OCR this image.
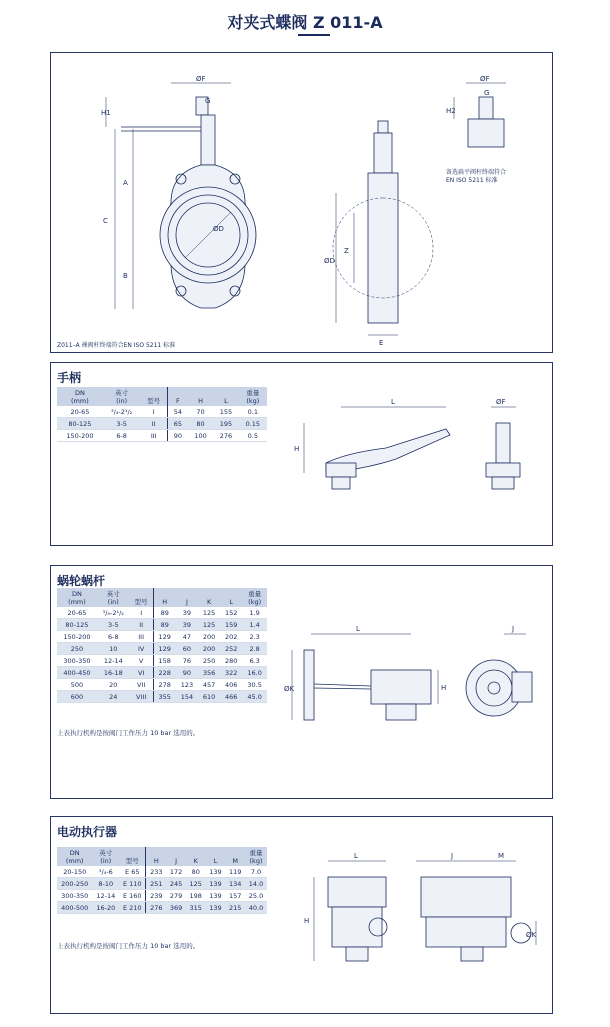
对夹式蝶阀 Z 011-A
ØF
G
ØD
C
A
B
H1
ØD
Z
E
ØF
G
H2
备选扁平阀杆终端符合
EN ISO 5211 标准
Z011–A 裸阀杆终端符合EN ISO 5211 标准
手柄
DN
(mm)	英寸
(in)	型号	F	H	L	重量
(kg)
20-65	³/₄-2¹/₂	I	54	70	155	0.1
80-125	3-5	II	65	80	195	0.15
150-200	6-8	III	90	100	276	0.5
L
H
ØF
蜗轮蜗杆
DN
(mm)	英寸
(in)	型号	H	J	K	L	重量
(kg)
20-65	³/₄-2¹/₂	I	89	39	125	152	1.9
80-125	3-5	II	89	39	125	159	1.4
150-200	6-8	III	129	47	200	202	2.3
250	10	IV	129	60	200	252	2.8
300-350	12-14	V	158	76	250	280	6.3
400-450	16-18	VI	228	90	356	322	16.0
500	20	VII	278	123	457	406	30.5
600	24	VIII	355	154	610	466	45.0
上表执行机构是按阀门工作压力 10 bar 选用的。
L
ØK	H
J
电动执行器
DN
(mm)	英寸
(in)	型号	H	J	K	L	M	重量
(kg)
20-150	³/₄-6	E 65	233	172	80	139	119	7.0
200-250	8-10	E 110	251	245	125	139	134	14.0
300-350	12-14	E 160	239	279	198	139	157	25.0
400-500	16-20	E 210	276	369	315	139	215	40.0
上表执行机构是按阀门工作压力 10 bar 选用的。
L
H
J	M
ØK
